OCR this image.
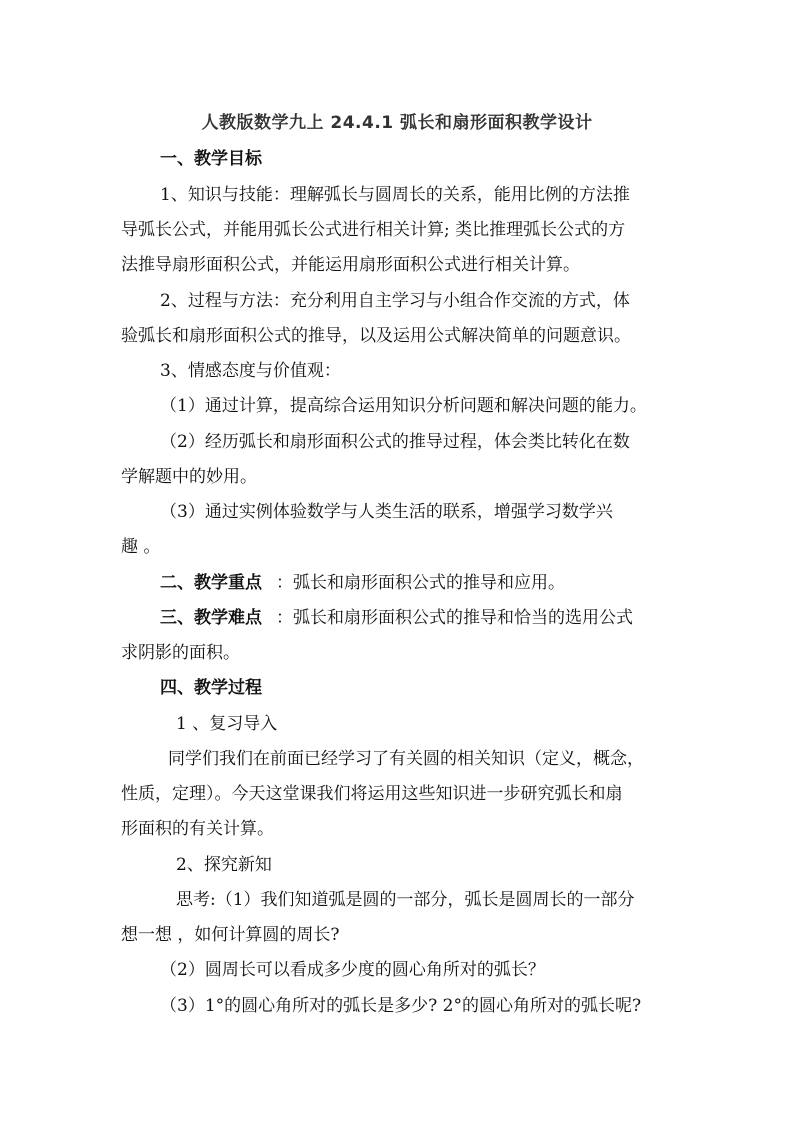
人教版数学九上 24.4.1 弧长和扇形面积教学设计
一、教学目标
1、知识与技能：理解弧长与圆周长的关系，能用比例的方法推
导弧长公式，并能用弧长公式进行相关计算; 类比推理弧长公式的方
法推导扇形面积公式，并能运用扇形面积公式进行相关计算。
2、过程与方法：充分利用自主学习与小组合作交流的方式，体
验弧长和扇形面积公式的推导，以及运用公式解决简单的问题意识。
3、情感态度与价值观：
（1）通过计算，提高综合运用知识分析问题和解决问题的能力。
（2）经历弧长和扇形面积公式的推导过程，体会类比转化在数
学解题中的妙用。
（3）通过实例体验数学与人类生活的联系，增强学习数学兴
趣 。
二、教学重点 ：弧长和扇形面积公式的推导和应用。
三、教学难点 ：弧长和扇形面积公式的推导和恰当的选用公式
求阴影的面积。
四、教学过程
1 、复习导入
同学们我们在前面已经学习了有关圆的相关知识（定义，概念，
性质，定理）。今天这堂课我们将运用这些知识进一步研究弧长和扇
形面积的有关计算。
2、探究新知
思考:（1）我们知道弧是圆的一部分，弧长是圆周长的一部分
想一想 ，如何计算圆的周长?
（2）圆周长可以看成多少度的圆心角所对的弧长？
（3）1°的圆心角所对的弧长是多少? 2°的圆心角所对的弧长呢?
